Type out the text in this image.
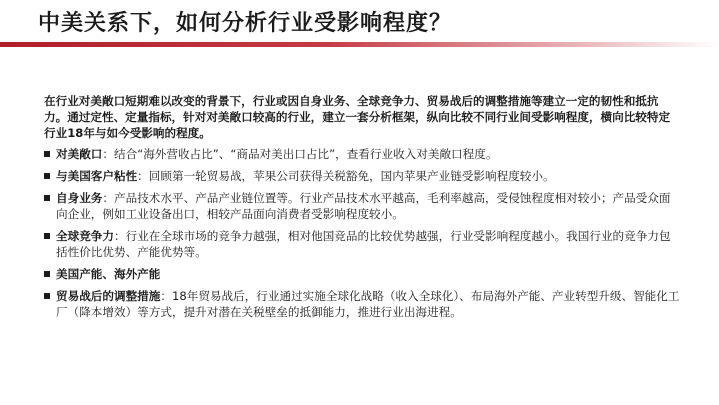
中美关系下，如何分析行业受影响程度？

在行业对美敞口短期难以改变的背景下，行业或因自身业务、全球竞争力、贸易战后的调整措施等建立一定的韧性和抵抗力。通过定性、定量指标，针对对美敞口较高的行业，建立一套分析框架，纵向比较不同行业间受影响程度，横向比较特定行业18年与如今受影响的程度。

对美敞口：结合“海外营收占比”、“商品对美出口占比”，查看行业收入对美敞口程度。
与美国客户粘性：回顾第一轮贸易战，苹果公司获得关税豁免，国内苹果产业链受影响程度较小。
自身业务：产品技术水平、产品产业链位置等。行业产品技术水平越高，毛利率越高，受侵蚀程度相对较小；产品受众面向企业，例如工业设备出口，相较产品面向消费者受影响程度较小。
全球竞争力：行业在全球市场的竞争力越强，相对他国竞品的比较优势越强，行业受影响程度越小。我国行业的竞争力包括性价比优势、产能优势等。
美国产能、海外产能
贸易战后的调整措施：18年贸易战后，行业通过实施全球化战略（收入全球化）、布局海外产能、产业转型升级、智能化工厂（降本增效）等方式，提升对潜在关税壁垒的抵御能力，推进行业出海进程。
